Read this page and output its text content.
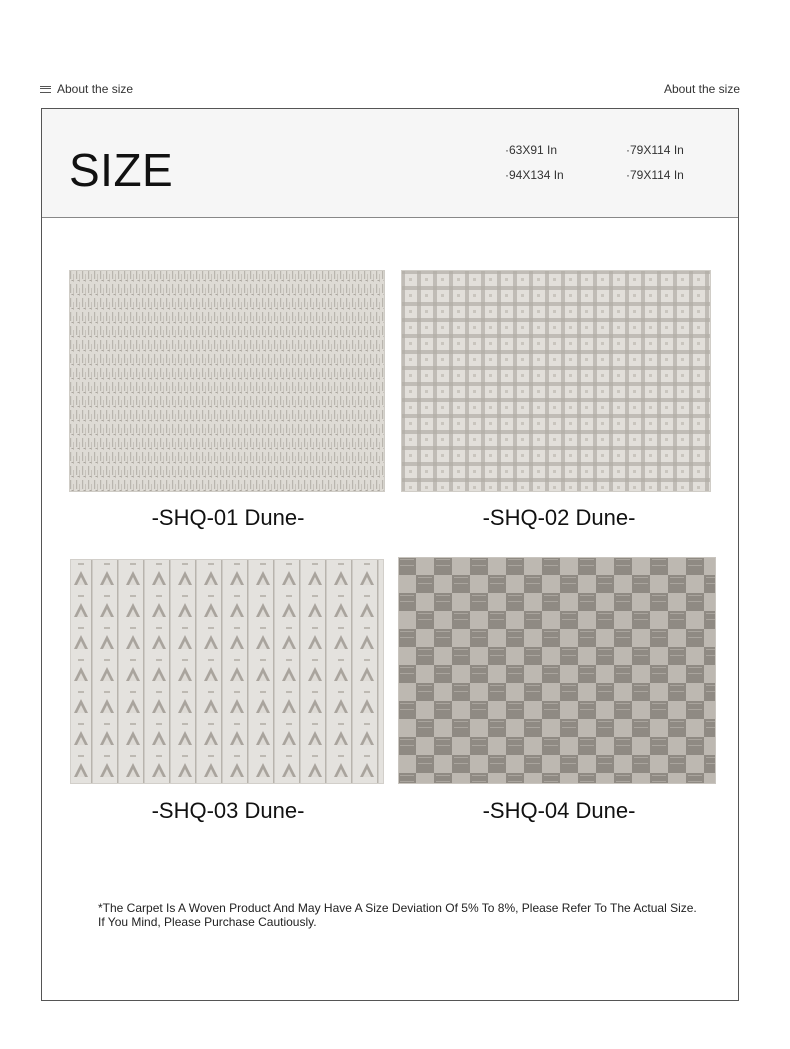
About the size	About the size
SIZE	·63X91 In	·79X114 In
·94X134 In	·79X114 In
-SHQ-01 Dune-	-SHQ-02 Dune-
-SHQ-03 Dune-	-SHQ-04 Dune-
*The Carpet Is A Woven Product And May Have A Size Deviation Of 5% To 8%, Please Refer To The Actual Size. If You Mind, Please Purchase Cautiously.
